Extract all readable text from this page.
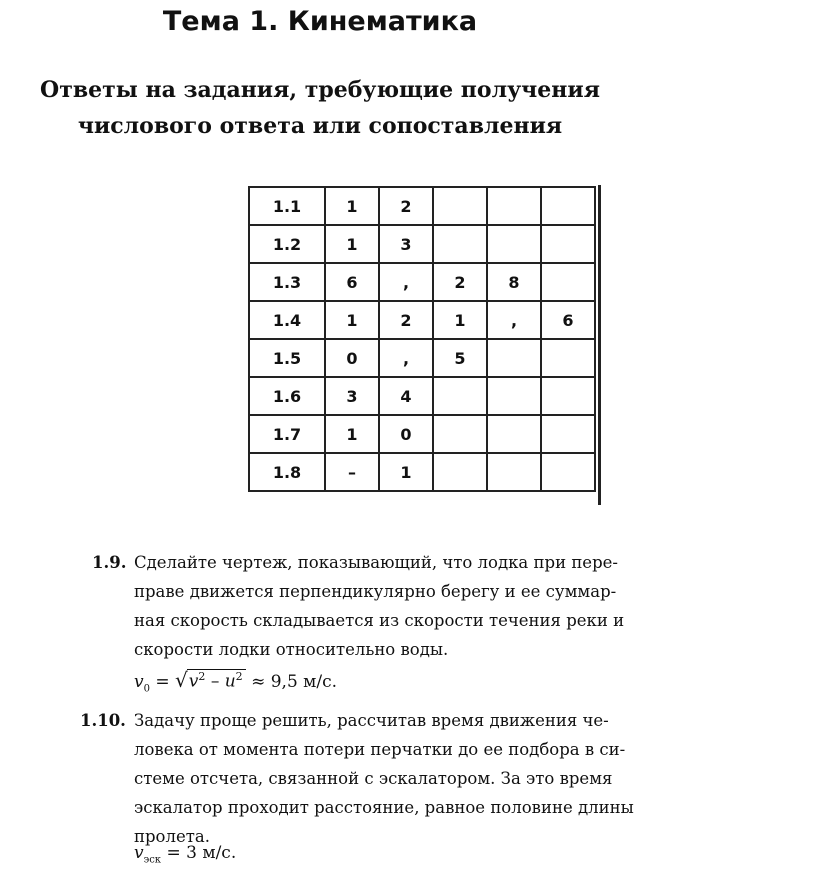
Тема 1. Кинематика
Ответы на задания, требующие получения
числового ответа или сопоставления
1.1	1	2			
1.2	1	3			
1.3	6	,	2	8	
1.4	1	2	1	,	6
1.5	0	,	5		
1.6	3	4			
1.7	1	0			
1.8	–	1			
1.9. Сделайте чертеж, показывающий, что лодка при пере-
праве движется перпендикулярно берегу и ее суммар-
ная скорость складывается из скорости течения реки и
скорости лодки относительно воды.
$v_0 = √v^2 - u^2 \approx 9,5$ м/с.
1.10. Задачу проще решить, рассчитав время движения че-
ловека от момента потери перчатки до ее подбора в си-
стеме отсчета, связанной с эскалатором. За это время
эскалатор проходит расстояние, равное половине длины
пролета.
$v_{эск} = 3$ м/с.
